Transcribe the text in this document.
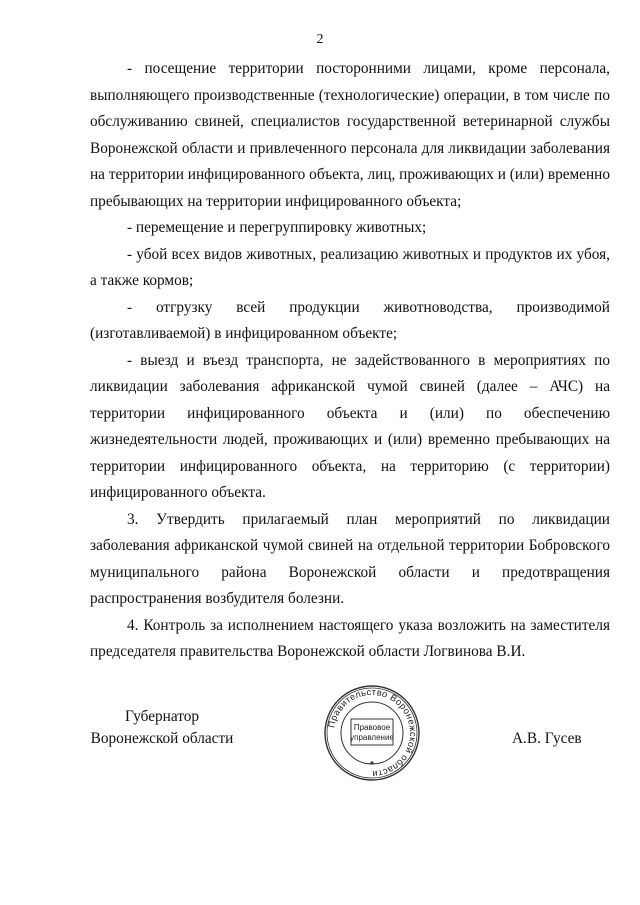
2

- посещение территории посторонними лицами, кроме персонала, выполняющего производственные (технологические) операции, в том числе по обслуживанию свиней, специалистов государственной ветеринарной службы Воронежской области и привлеченного персонала для ликвидации заболевания на территории инфицированного объекта, лиц, проживающих и (или) временно пребывающих на территории инфицированного объекта;

- перемещение и перегруппировку животных;

- убой всех видов животных, реализацию животных и продуктов их убоя, а также кормов;

- отгрузку всей продукции животноводства, производимой (изготавливаемой) в инфицированном объекте;

- выезд и въезд транспорта, не задействованного в мероприятиях по ликвидации заболевания африканской чумой свиней (далее – АЧС) на территории инфицированного объекта и (или) по обеспечению жизнедеятельности людей, проживающих и (или) временно пребывающих на территории инфицированного объекта, на территорию (с территории) инфицированного объекта.

3. Утвердить прилагаемый план мероприятий по ликвидации заболевания африканской чумой свиней на отдельной территории Бобровского муниципального района Воронежской области и предотвращения распространения возбудителя болезни.

4. Контроль за исполнением настоящего указа возложить на заместителя председателя правительства Воронежской области Логвинова В.И.

Губернатор
Воронежской области
Правительство Воронежской области
Правовое
управление	А.В. Гусев
